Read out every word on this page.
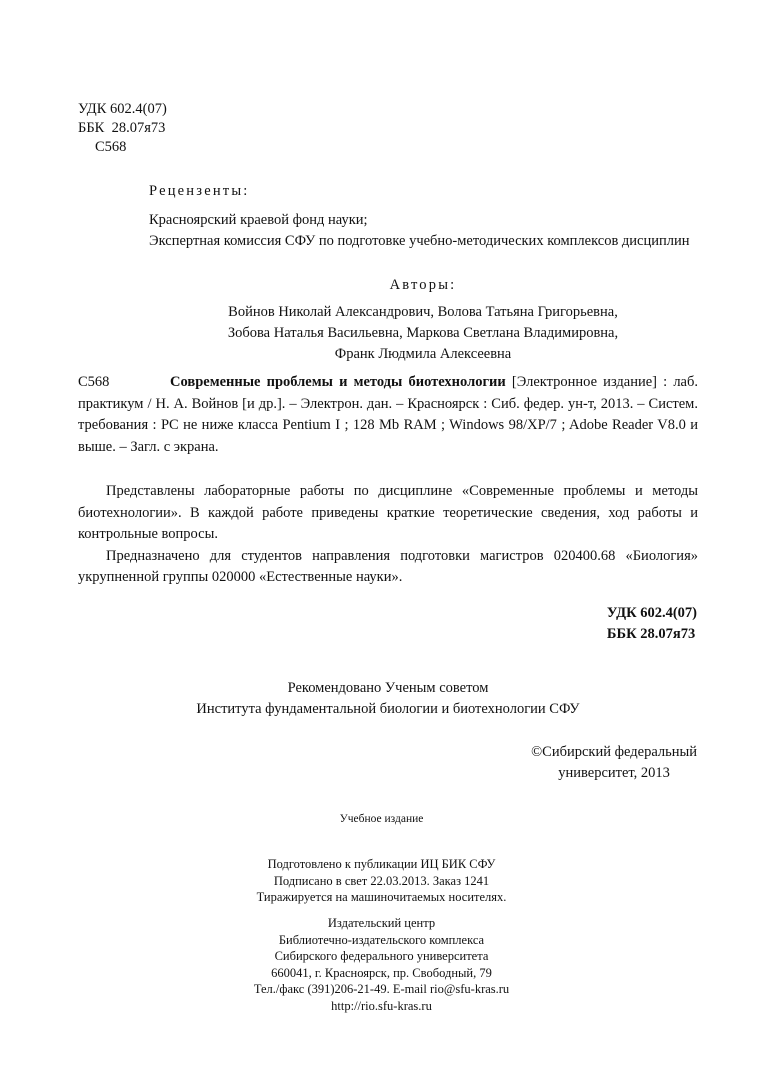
УДК 602.4(07)
ББК  28.07я73
С568
Рецензенты:
Красноярский краевой фонд науки;
Экспертная комиссия СФУ по подготовке учебно-методических комплексов дисциплин
Авторы:
Войнов Николай Александрович, Волова Татьяна Григорьевна,
Зобова Наталья Васильевна, Маркова Светлана Владимировна,
Франк Людмила Алексеевна
С568	Современные проблемы и методы биотехнологии [Электронное издание] : лаб. практикум / Н. А. Войнов [и др.]. – Электрон. дан. – Красноярск : Сиб. федер. ун-т, 2013. – Систем. требования : PC не ниже класса Pentium I ; 128 Mb RAM ; Windows 98/XP/7 ; Adobe Reader V8.0 и выше. – Загл. с экрана.

Представлены лабораторные работы по дисциплине «Современные проблемы и методы биотехнологии». В каждой работе приведены краткие теоретические сведения, ход работы и контрольные вопросы.

Предназначено для студентов направления подготовки магистров 020400.68 «Биология» укрупненной группы 020000 «Естественные науки».

УДК 602.4(07)
ББК 28.07я73
Рекомендовано Ученым советом
Института фундаментальной биологии и биотехнологии СФУ
©Сибирский федеральный
университет, 2013
Учебное издание
Подготовлено к публикации ИЦ БИК СФУ
Подписано в свет 22.03.2013. Заказ 1241
Тиражируется на машиночитаемых носителях.
Издательский центр
Библиотечно-издательского комплекса
Сибирского федерального университета
660041, г. Красноярск, пр. Свободный, 79
Тел./факс (391)206-21-49. E-mail rio@sfu-kras.ru
http://rio.sfu-kras.ru
